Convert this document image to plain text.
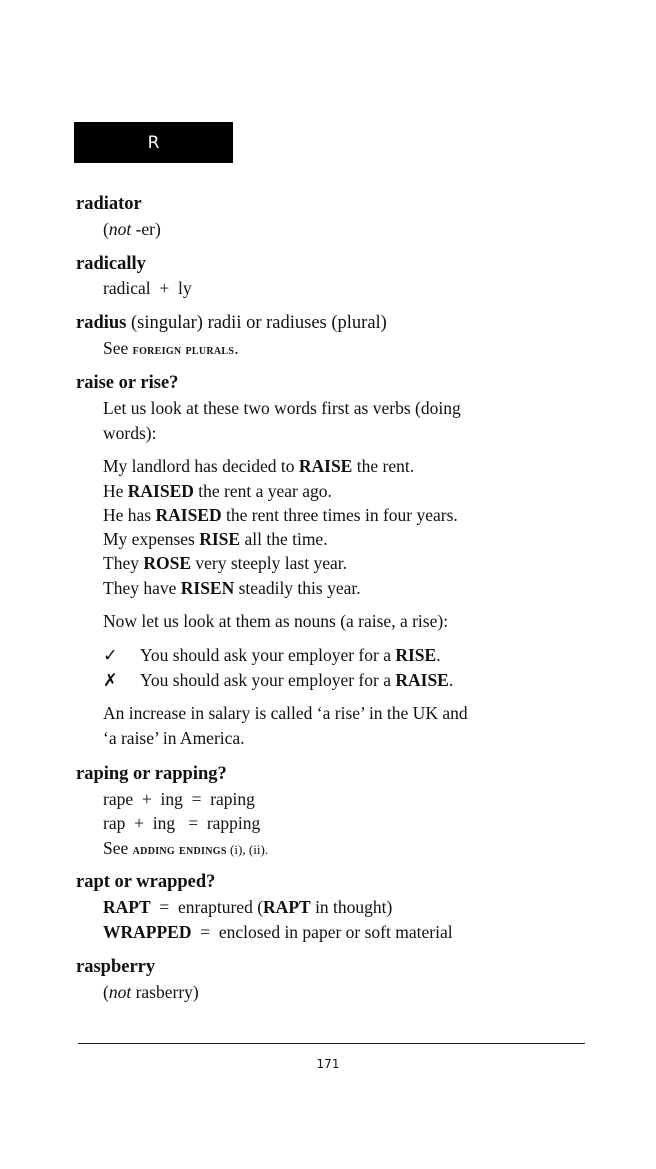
R
radiator
(not -er)
radically
radical  +  ly
radius (singular) radii or radiuses (plural)
See foreign plurals.
raise or rise?
Let us look at these two words first as verbs (doing
words):
My landlord has decided to RAISE the rent.
He RAISED the rent a year ago.
He has RAISED the rent three times in four years.
My expenses RISE all the time.
They ROSE very steeply last year.
They have RISEN steadily this year.
Now let us look at them as nouns (a raise, a rise):
✓ You should ask your employer for a RISE.
✗ You should ask your employer for a RAISE.
An increase in salary is called ‘a rise’ in the UK and
‘a raise’ in America.
raping or rapping?
rape  +  ing  =  raping
rap  +  ing   =  rapping
See adding endings (i), (ii).
rapt or wrapped?
RAPT  =  enraptured (RAPT in thought)
WRAPPED  =  enclosed in paper or soft material
raspberry
(not rasberry)
171
